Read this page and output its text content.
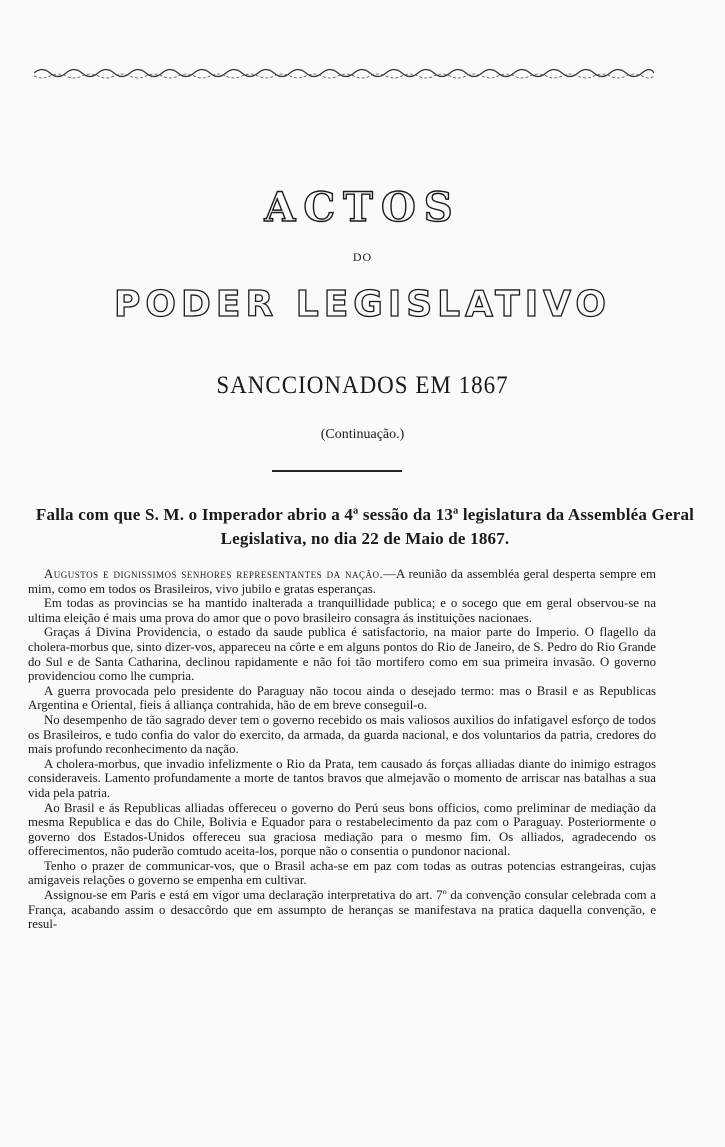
ACTOS
DO
PODER LEGISLATIVO
SANCCIONADOS EM 1867
(Continuação.)
Falla com que S. M. o Imperador abrio a 4ª sessão da 13ª legislatura da Assembléa Geral Legislativa, no dia 22 de Maio de 1867.

Augustos e dignissimos senhores representantes da nação.—A reunião da assembléa geral desperta sempre em mim, como em todos os Brasileiros, vivo jubilo e gratas esperanças.

Em todas as provincias se ha mantido inalterada a tranquillidade publica; e o socego que em geral observou-se na ultima eleição é mais uma prova do amor que o povo brasileiro consagra ás instituições nacionaes.

Graças á Divina Providencia, o estado da saude publica é satisfactorio, na maior parte do Imperio. O flagello da cholera-morbus que, sinto dizer-vos, appareceu na côrte e em alguns pontos do Rio de Janeiro, de S. Pedro do Rio Grande do Sul e de Santa Catharina, declinou rapidamente e não foi tão mortifero como em sua primeira invasão. O governo providenciou como lhe cumpria.

A guerra provocada pelo presidente do Paraguay não tocou ainda o desejado termo: mas o Brasil e as Republicas Argentina e Oriental, fieis á alliança contrahida, hão de em breve conseguil-o.

No desempenho de tão sagrado dever tem o governo recebido os mais valiosos auxilios do infatigavel esforço de todos os Brasileiros, e tudo confia do valor do exercito, da armada, da guarda nacional, e dos voluntarios da patria, credores do mais profundo reconhecimento da nação.

A cholera-morbus, que invadio infelizmente o Rio da Prata, tem causado ás forças alliadas diante do inimigo estragos consideraveis. Lamento profundamente a morte de tantos bravos que almejavão o momento de arriscar nas batalhas a sua vida pela patria.

Ao Brasil e ás Republicas alliadas offereceu o governo do Perú seus bons officios, como preliminar de mediação da mesma Republica e das do Chile, Bolivia e Equador para o restabelecimento da paz com o Paraguay. Posteriormente o governo dos Estados-Unidos offereceu sua graciosa mediação para o mesmo fim. Os alliados, agradecendo os offerecimentos, não puderão comtudo aceita-los, porque não o consentia o pundonor nacional.

Tenho o prazer de communicar-vos, que o Brasil acha-se em paz com todas as outras potencias estrangeiras, cujas amigaveis relações o governo se empenha em cultivar.

Assignou-se em Paris e está em vigor uma declaração interpretativa do art. 7º da convenção consular celebrada com a França, acabando assim o desaccôrdo que em assumpto de heranças se manifestava na pratica daquella convenção, e resul-
